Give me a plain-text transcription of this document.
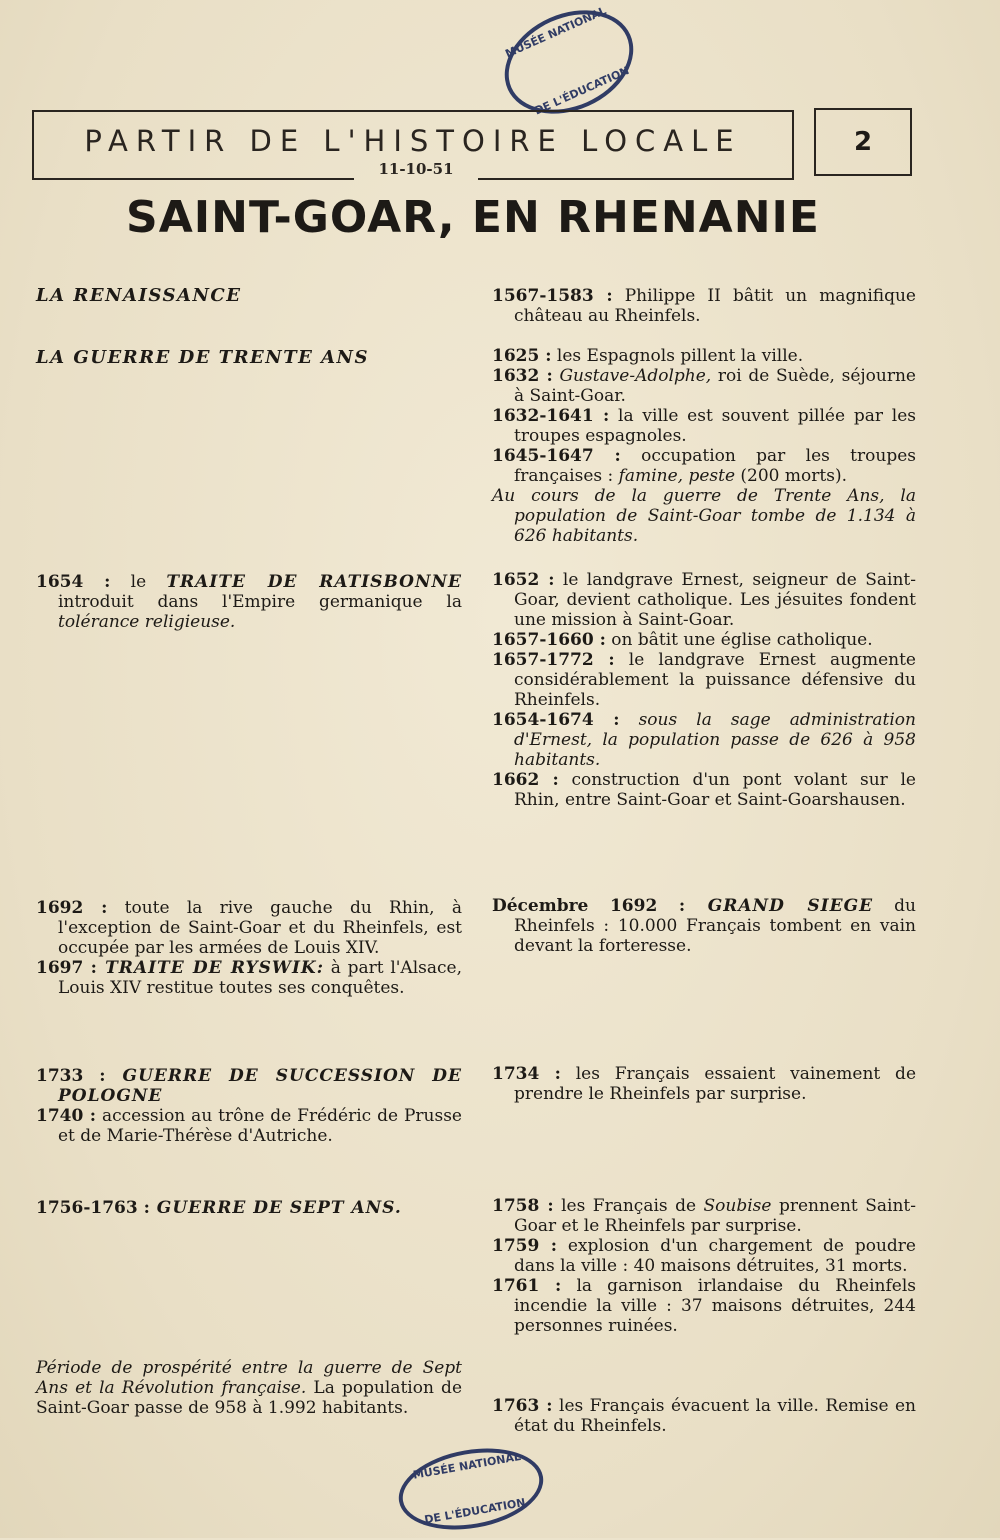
MUSÉE NATIONAL
DE L'ÉDUCATION
PARTIR DE L'HISTOIRE LOCALE
11-10-51
2
SAINT-GOAR, EN RHENANIE

LA RENAISSANCE	1567-1583 : Philippe II bâtit un magnifique château au Rheinfels.

LA GUERRE DE TRENTE ANS	1625 : les Espagnols pillent la ville.

1632 : Gustave-Adolphe, roi de Suède, séjourne à Saint-Goar.

1632-1641 : la ville est souvent pillée par les troupes espagnoles.

1645-1647 : occupation par les troupes françaises : famine, peste (200 morts).

Au cours de la guerre de Trente Ans, la population de Saint-Goar tombe de 1.134 à 626 habitants.

1654 : le TRAITE DE RATISBONNE introduit dans l'Empire germanique la tolérance religieuse.

1652 : le landgrave Ernest, seigneur de Saint-Goar, devient catholique. Les jésuites fondent une mission à Saint-Goar.

1657-1660 : on bâtit une église catholique.

1657-1772 : le landgrave Ernest augmente considérablement la puissance défensive du Rheinfels.

1654-1674 : sous la sage administration d'Ernest, la population passe de 626 à 958 habitants.

1662 : construction d'un pont volant sur le Rhin, entre Saint-Goar et Saint-Goarshausen.

1692 : toute la rive gauche du Rhin, à l'exception de Saint-Goar et du Rheinfels, est occupée par les armées de Louis XIV.

1697 : TRAITE DE RYSWIK: à part l'Alsace, Louis XIV restitue toutes ses conquêtes.

Décembre 1692 : GRAND SIEGE du Rheinfels : 10.000 Français tombent en vain devant la forteresse.

1733 : GUERRE DE SUCCESSION DE POLOGNE

1740 : accession au trône de Frédéric de Prusse et de Marie-Thérèse d'Autriche.

1734 : les Français essaient vainement de prendre le Rheinfels par surprise.

1756-1763 : GUERRE DE SEPT ANS.

Période de prospérité entre la guerre de Sept Ans et la Révolution française. La population de Saint-Goar passe de 958 à 1.992 habitants.

1758 : les Français de Soubise prennent Saint-Goar et le Rheinfels par surprise.

1759 : explosion d'un chargement de poudre dans la ville : 40 maisons détruites, 31 morts.

1761 : la garnison irlandaise du Rheinfels incendie la ville : 37 maisons détruites, 244 personnes ruinées.

1763 : les Français évacuent la ville. Remise en état du Rheinfels.

MUSÉE NATIONAL
DE L'ÉDUCATION
